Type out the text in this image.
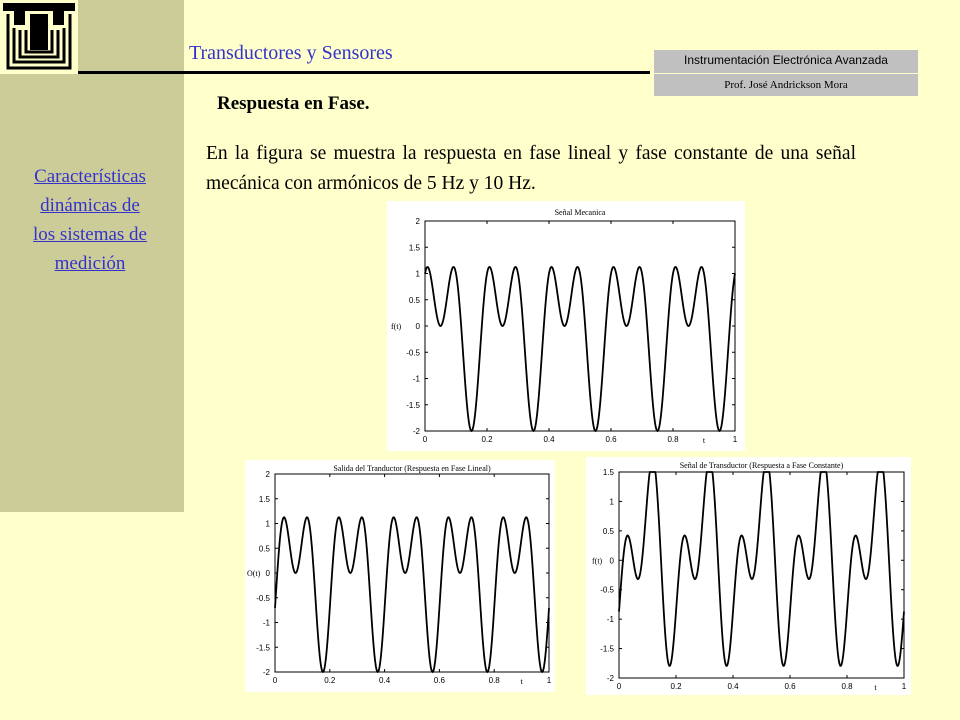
Transductores y Sensores	Instrumentación Electrónica Avanzada
Prof. José Andrickson Mora
Respuesta en Fase.
Características
dinámicas de
los sistemas de
medición
En la figura se muestra la respuesta en fase lineal y fase constante de una señal mecánica con armónicos de 5 Hz y 10 Hz.
Señal Mecanica
2
1.5
1
0.5
0
-0.5
-1
-1.5
-2
0	0.2	0.4	0.6	0.8	1
t
f(t)
Salida del Tranductor (Respuesta en Fase Lineal)
2
1.5
1
0.5
0
-0.5
-1
-1.5
-2
0	0.2	0.4	0.6	0.8	1
t
O(t)
Señal de Transductor (Respuesta a Fase Constante)
1.5
1
0.5
0
-0.5
-1
-1.5
-2
0	0.2	0.4	0.6	0.8	1
t
f(t)
